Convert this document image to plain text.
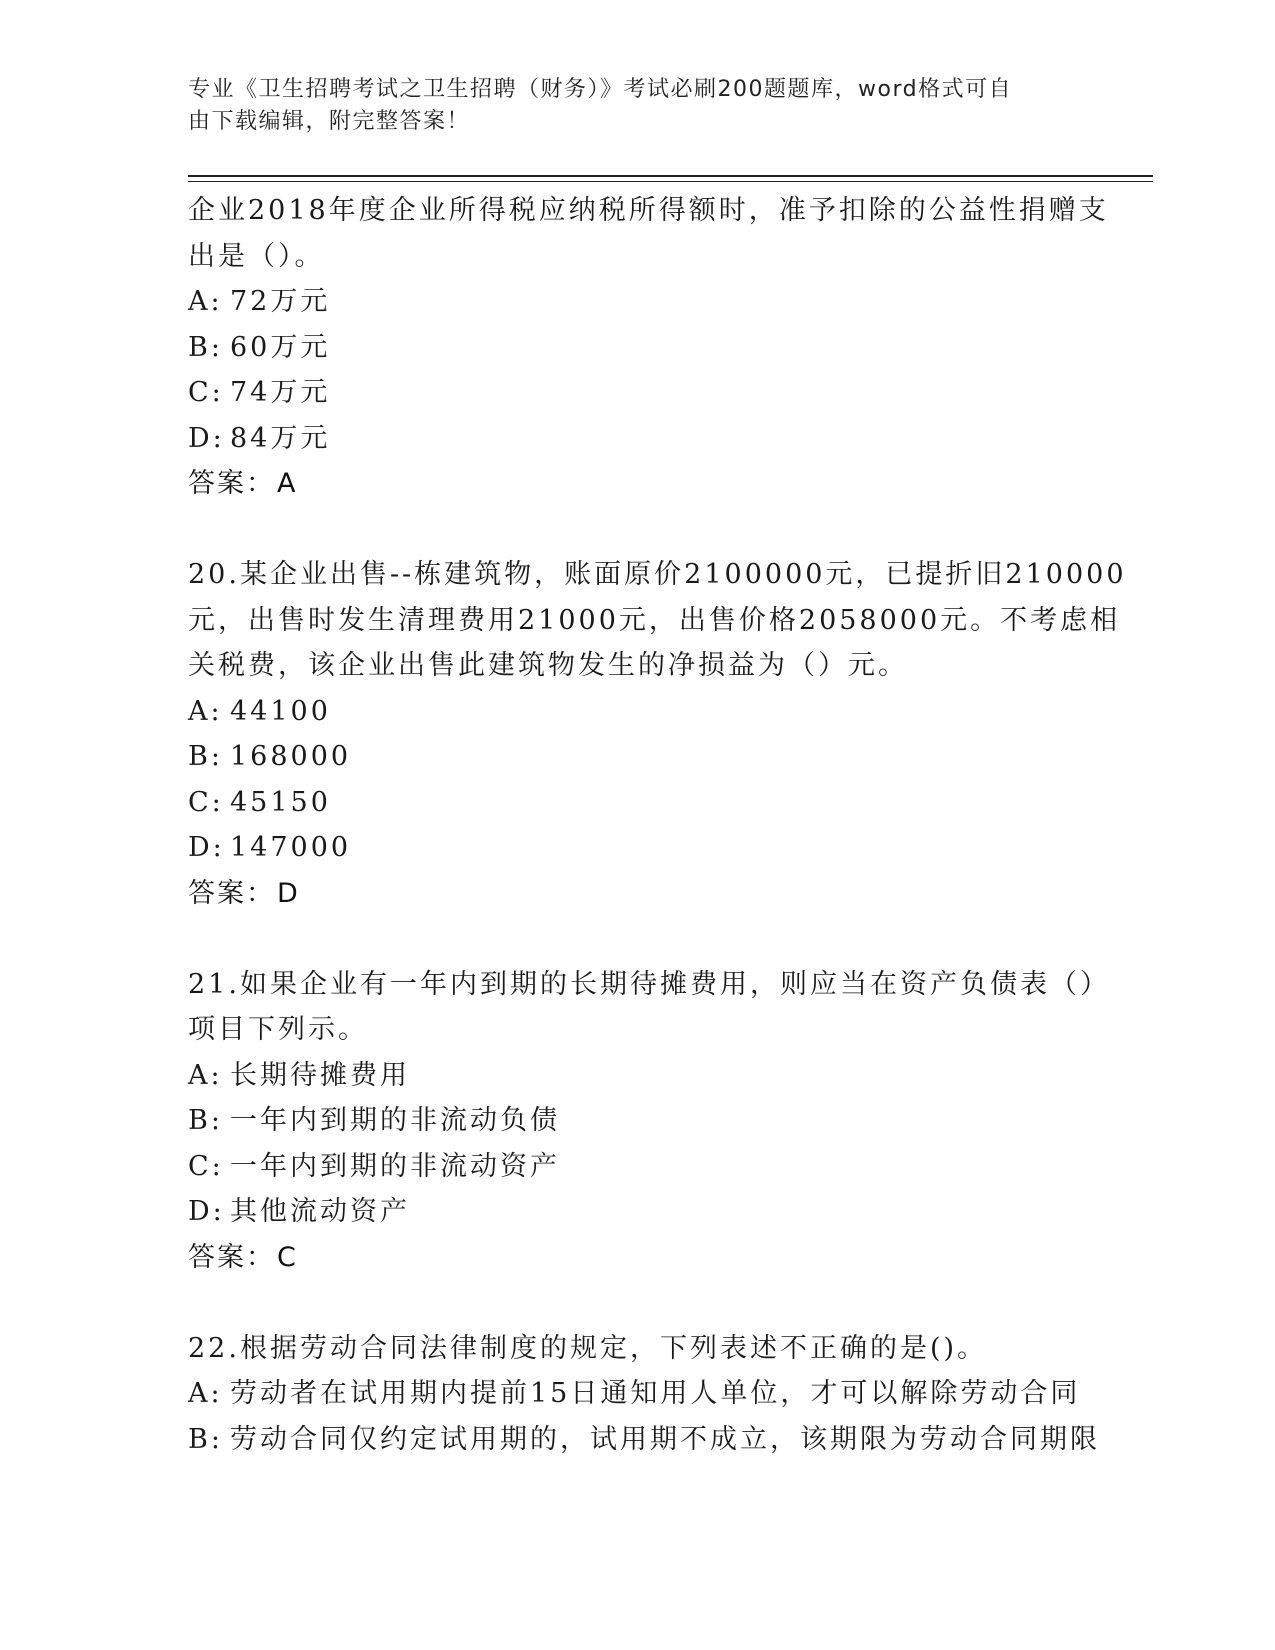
专业《卫生招聘考试之卫生招聘（财务）》考试必刷200题题库，word格式可自
由下载编辑，附完整答案！
企业2018年度企业所得税应纳税所得额时，准予扣除的公益性捐赠支
出是（）。
A: 72万元
B: 60万元
C: 74万元
D: 84万元
答案：A
20.某企业出售--栋建筑物，账面原价2100000元，已提折旧210000
元，出售时发生清理费用21000元，出售价格2058000元。不考虑相
关税费，该企业出售此建筑物发生的净损益为（）元。
A: 44100
B: 168000
C: 45150
D: 147000
答案：D
21.如果企业有一年内到期的长期待摊费用，则应当在资产负债表（）
项目下列示。
A: 长期待摊费用
B: 一年内到期的非流动负债
C: 一年内到期的非流动资产
D: 其他流动资产
答案：C
22.根据劳动合同法律制度的规定，下列表述不正确的是()。
A: 劳动者在试用期内提前15日通知用人单位，才可以解除劳动合同
B: 劳动合同仅约定试用期的，试用期不成立，该期限为劳动合同期限
